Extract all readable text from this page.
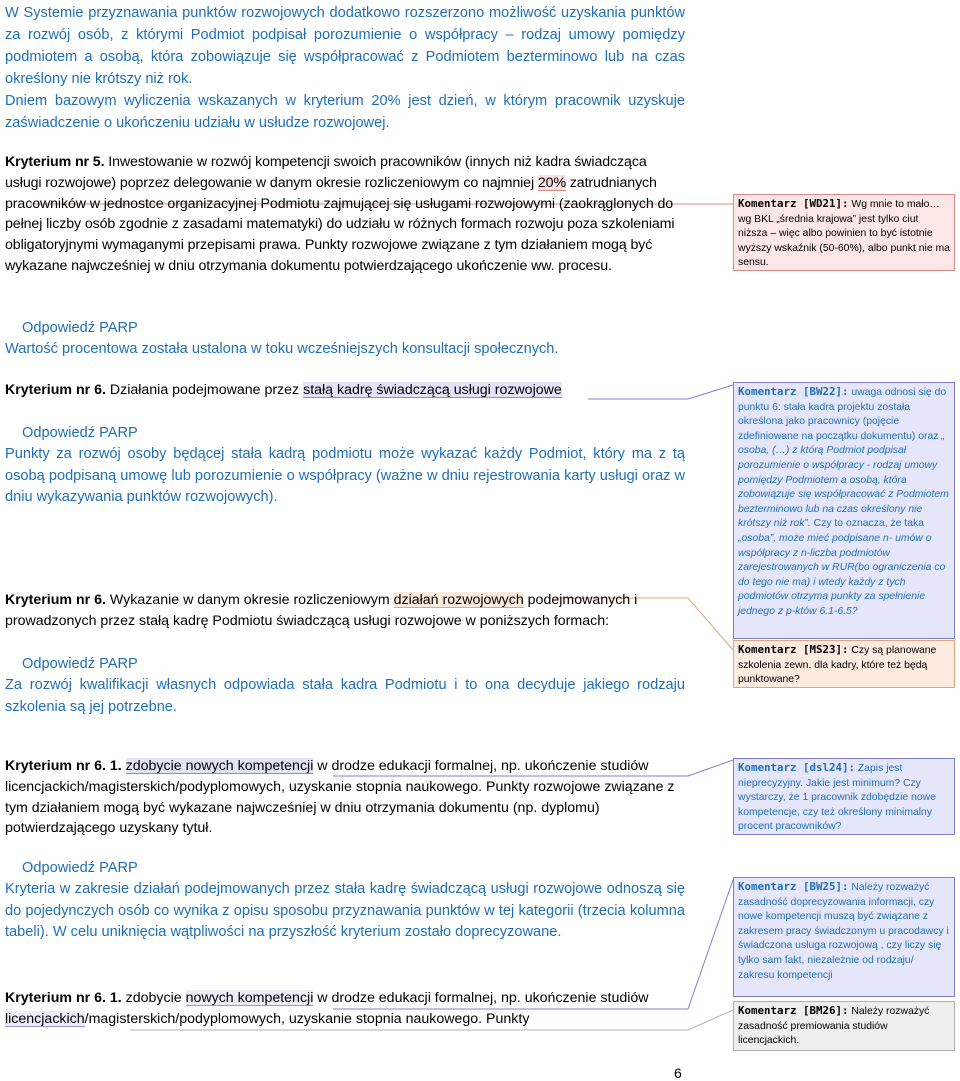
W Systemie przyznawania punktów rozwojowych dodatkowo rozszerzono możliwość uzyskania punktów za rozwój osób, z którymi Podmiot podpisał porozumienie o współpracy – rodzaj umowy pomiędzy podmiotem a osobą, która zobowiązuje się współpracować z Podmiotem bezterminowo lub na czas określony nie krótszy niż rok.

Dniem bazowym wyliczenia wskazanych w kryterium 20% jest dzień, w którym pracownik uzyskuje zaświadczenie o ukończeniu udziału w usłudze rozwojowej.

Kryterium nr 5. Inwestowanie w rozwój kompetencji swoich pracowników (innych niż kadra świadcząca usługi rozwojowe) poprzez delegowanie w danym okresie rozliczeniowym co najmniej 20% zatrudnianych pracowników w jednostce organizacyjnej Podmiotu zajmującej się usługami rozwojowymi (zaokrąglonych do pełnej liczby osób zgodnie z zasadami matematyki) do udziału w różnych formach rozwoju poza szkoleniami obligatoryjnymi wymaganymi przepisami prawa. Punkty rozwojowe związane z tym działaniem mogą być wykazane najwcześniej w dniu otrzymania dokumentu potwierdzającego ukończenie ww. procesu.

Odpowiedź PARP

Wartość procentowa została ustalona w toku wcześniejszych konsultacji społecznych.

Kryterium nr 6. Działania podejmowane przez stałą kadrę świadczącą usługi rozwojowe

Odpowiedź PARP

Punkty za rozwój osoby będącej stała kadrą podmiotu może wykazać każdy Podmiot, który ma z tą osobą podpisaną umowę lub porozumienie o współpracy (ważne w dniu rejestrowania karty usługi oraz w dniu wykazywania punktów rozwojowych).

Kryterium nr 6. Wykazanie w danym okresie rozliczeniowym działań rozwojowych podejmowanych i prowadzonych przez stałą kadrę Podmiotu świadczącą usługi rozwojowe w poniższych formach:

Odpowiedź PARP

Za rozwój kwalifikacji własnych odpowiada stała kadra Podmiotu i to ona decyduje jakiego rodzaju szkolenia są jej potrzebne.

Kryterium nr 6. 1. zdobycie nowych kompetencji w drodze edukacji formalnej, np. ukończenie studiów licencjackich/magisterskich/podyplomowych, uzyskanie stopnia naukowego. Punkty rozwojowe związane z tym działaniem mogą być wykazane najwcześniej w dniu otrzymania dokumentu (np. dyplomu) potwierdzającego uzyskany tytuł.

Odpowiedź PARP

Kryteria w zakresie działań podejmowanych przez stała kadrę świadczącą usługi rozwojowe odnoszą się do pojedynczych osób co wynika z opisu sposobu przyznawania punktów w tej kategorii (trzecia kolumna tabeli). W celu uniknięcia wątpliwości na przyszłość kryterium zostało doprecyzowane.

Kryterium nr 6. 1. zdobycie nowych kompetencji w drodze edukacji formalnej, np. ukończenie studiów licencjackich/magisterskich/podyplomowych, uzyskanie stopnia naukowego. Punkty

Komentarz [WD21]: Wg mnie to mało… wg BKL „średnia krajowa” jest tylko ciut niższa – więc albo powinien to być istotnie wyższy wskaźnik (50-60%), albo punkt nie ma sensu.
Komentarz [BW22]: uwaga odnosi się do punktu 6: stała kadra projektu została określona jako pracownicy (pojęcie zdefiniowane na początku dokumentu) oraz „ osoba, (…) z którą Podmiot podpisał porozumienie o współpracy - rodzaj umowy pomiędzy Podmiotem a osobą, która zobowiązuje się współpracować z Podmiotem bezterminowo lub na czas określony nie krótszy niż rok”. Czy to oznacza, że taka „osoba”, może mieć podpisane n- umów o współpracy z n-liczba podmiotów zarejestrowanych w RUR(bo ograniczenia co do tego nie ma) i wtedy każdy z tych podmiotów otrzyma punkty za spełnienie jednego z p-któw 6.1-6.5?
Komentarz [MS23]: Czy są planowane szkolenia zewn. dla kadry, które też będą punktowane?
Komentarz [dsl24]: Zapis jest nieprecyzyjny. Jakie jest minimum? Czy wystarczy, że 1 pracownik zdobędzie nowe kompetencje, czy też określony minimalny procent pracowników?
Komentarz [BW25]: Należy rozważyć zasadność doprecyzowania informacji, czy nowe kompetencji muszą być związane z zakresem pracy świadczonym u pracodawcy i świadczona usługa rozwojową , czy liczy się tylko sam fakt, niezależnie od rodzaju/ zakresu kompetencji
Komentarz [BM26]: Należy rozważyć zasadność premiowania studiów licencjackich.
6
